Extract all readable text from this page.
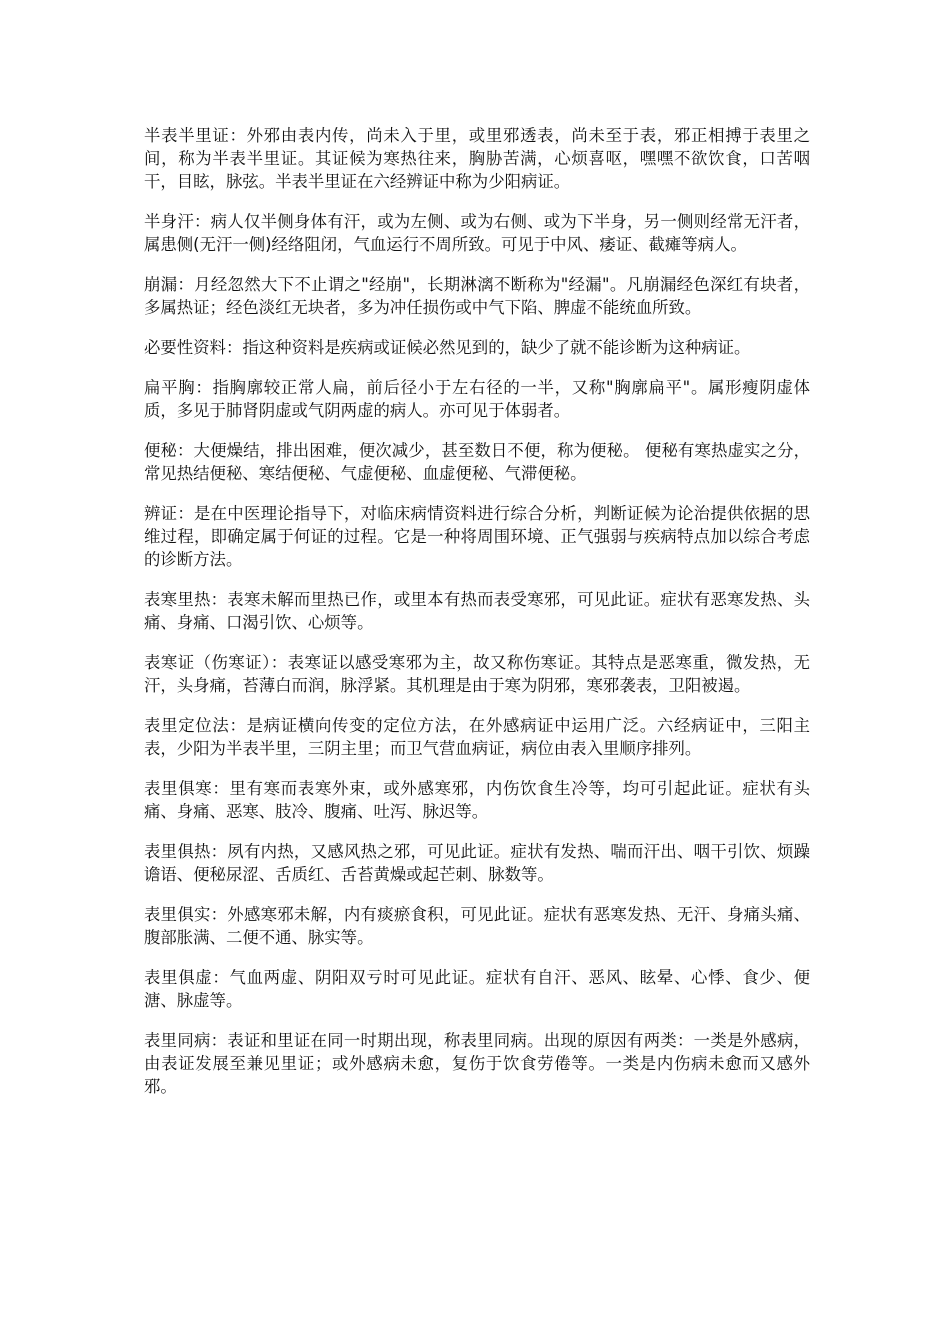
半表半里证：外邪由表内传，尚未入于里，或里邪透表，尚未至于表，邪正相搏于表里之间，称为半表半里证。其证候为寒热往来，胸胁苦满，心烦喜呕，嘿嘿不欲饮食，口苦咽干，目眩，脉弦。半表半里证在六经辨证中称为少阳病证。

半身汗：病人仅半侧身体有汗，或为左侧、或为右侧、或为下半身，另一侧则经常无汗者，属患侧(无汗一侧)经络阻闭，气血运行不周所致。可见于中风、痿证、截瘫等病人。

崩漏：月经忽然大下不止谓之"经崩"，长期淋漓不断称为"经漏"。凡崩漏经色深红有块者，多属热证；经色淡红无块者，多为冲任损伤或中气下陷、脾虚不能统血所致。

必要性资料：指这种资料是疾病或证候必然见到的，缺少了就不能诊断为这种病证。

扁平胸：指胸廓较正常人扁，前后径小于左右径的一半，又称"胸廓扁平"。属形瘦阴虚体质，多见于肺肾阴虚或气阴两虚的病人。亦可见于体弱者。

便秘：大便燥结，排出困难，便次减少，甚至数日不便，称为便秘。 便秘有寒热虚实之分，常见热结便秘、寒结便秘、气虚便秘、血虚便秘、气滞便秘。

辨证：是在中医理论指导下，对临床病情资料进行综合分析，判断证候为论治提供依据的思维过程，即确定属于何证的过程。它是一种将周围环境、正气强弱与疾病特点加以综合考虑的诊断方法。

表寒里热：表寒未解而里热已作，或里本有热而表受寒邪，可见此证。症状有恶寒发热、头痛、身痛、口渴引饮、心烦等。

表寒证（伤寒证）：表寒证以感受寒邪为主，故又称伤寒证。其特点是恶寒重，微发热，无汗，头身痛，苔薄白而润，脉浮紧。其机理是由于寒为阴邪，寒邪袭表，卫阳被遏。

表里定位法：是病证横向传变的定位方法，在外感病证中运用广泛。六经病证中，三阳主表，少阳为半表半里，三阴主里；而卫气营血病证，病位由表入里顺序排列。

表里俱寒：里有寒而表寒外束，或外感寒邪，内伤饮食生冷等，均可引起此证。症状有头痛、身痛、恶寒、肢冷、腹痛、吐泻、脉迟等。

表里俱热：夙有内热，又感风热之邪，可见此证。症状有发热、喘而汗出、咽干引饮、烦躁谵语、便秘尿涩、舌质红、舌苔黄燥或起芒刺、脉数等。

表里俱实：外感寒邪未解，内有痰瘀食积，可见此证。症状有恶寒发热、无汗、身痛头痛、腹部胀满、二便不通、脉实等。

表里俱虚：气血两虚、阴阳双亏时可见此证。症状有自汗、恶风、眩晕、心悸、食少、便溏、脉虚等。

表里同病：表证和里证在同一时期出现，称表里同病。出现的原因有两类：一类是外感病，由表证发展至兼见里证；或外感病未愈，复伤于饮食劳倦等。一类是内伤病未愈而又感外邪。
